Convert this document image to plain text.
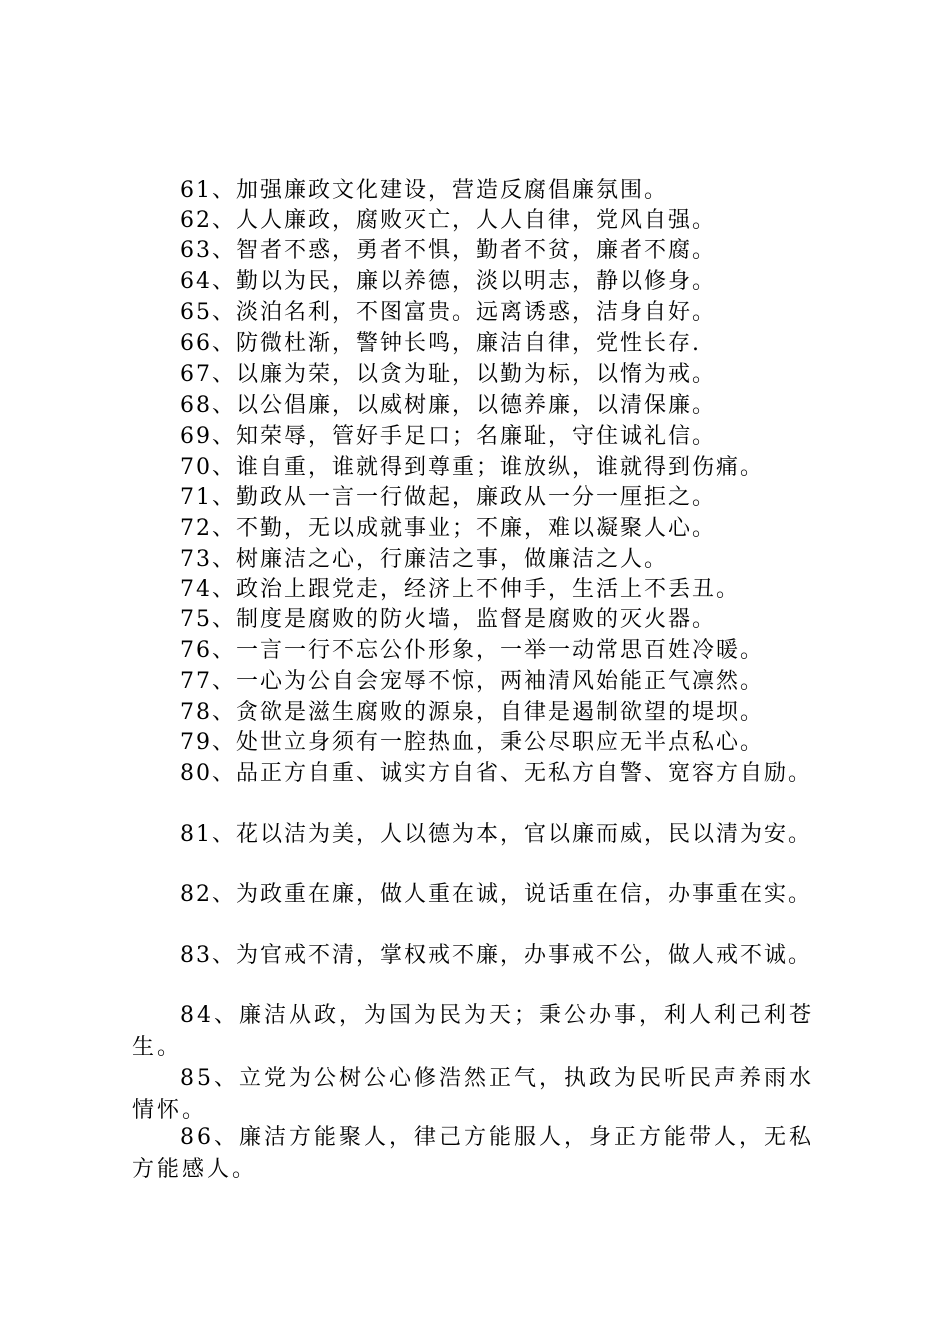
61、加强廉政文化建设，营造反腐倡廉氛围。
62、人人廉政，腐败灭亡，人人自律，党风自强。
63、智者不惑，勇者不惧，勤者不贫，廉者不腐。
64、勤以为民，廉以养德，淡以明志，静以修身。
65、淡泊名利，不图富贵。远离诱惑，洁身自好。
66、防微杜渐，警钟长鸣，廉洁自律，党性长存.
67、以廉为荣，以贪为耻，以勤为标，以惰为戒。
68、以公倡廉，以威树廉，以德养廉，以清保廉。
69、知荣辱，管好手足口；名廉耻，守住诚礼信。
70、谁自重，谁就得到尊重；谁放纵，谁就得到伤痛。
71、勤政从一言一行做起，廉政从一分一厘拒之。
72、不勤，无以成就事业；不廉，难以凝聚人心。
73、树廉洁之心，行廉洁之事，做廉洁之人。
74、政治上跟党走，经济上不伸手，生活上不丢丑。
75、制度是腐败的防火墙，监督是腐败的灭火器。
76、一言一行不忘公仆形象，一举一动常思百姓冷暖。
77、一心为公自会宠辱不惊，两袖清风始能正气凛然。
78、贪欲是滋生腐败的源泉，自律是遏制欲望的堤坝。
79、处世立身须有一腔热血，秉公尽职应无半点私心。
80、品正方自重、诚实方自省、无私方自警、宽容方自励。
81、花以洁为美，人以德为本，官以廉而威，民以清为安。
82、为政重在廉，做人重在诚，说话重在信，办事重在实。
83、为官戒不清，掌权戒不廉，办事戒不公，做人戒不诚。
84、廉洁从政，为国为民为天；秉公办事，利人利己利苍生。
85、立党为公树公心修浩然正气，执政为民听民声养雨水情怀。
86、廉洁方能聚人，律己方能服人，身正方能带人，无私方能感人。
